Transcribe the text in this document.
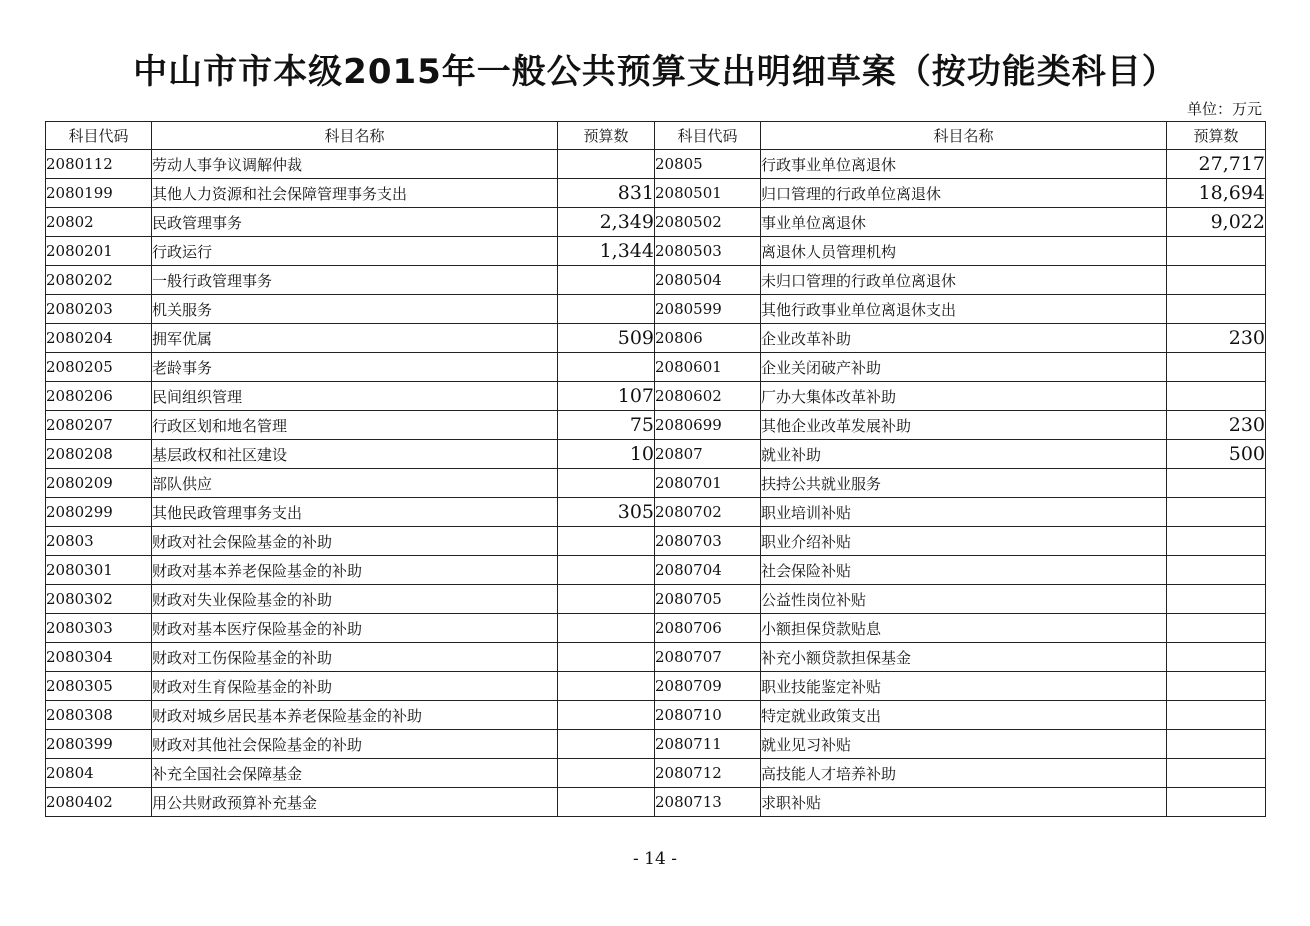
中山市市本级2015年一般公共预算支出明细草案（按功能类科目）
单位：万元
科目代码	科目名称	预算数	科目代码	科目名称	预算数
2080112	劳动人事争议调解仲裁		20805	行政事业单位离退休	27,717
2080199	其他人力资源和社会保障管理事务支出	831	2080501	归口管理的行政单位离退休	18,694
20802	民政管理事务	2,349	2080502	事业单位离退休	9,022
2080201	行政运行	1,344	2080503	离退休人员管理机构	
2080202	一般行政管理事务		2080504	未归口管理的行政单位离退休	
2080203	机关服务		2080599	其他行政事业单位离退休支出	
2080204	拥军优属	509	20806	企业改革补助	230
2080205	老龄事务		2080601	企业关闭破产补助	
2080206	民间组织管理	107	2080602	厂办大集体改革补助	
2080207	行政区划和地名管理	75	2080699	其他企业改革发展补助	230
2080208	基层政权和社区建设	10	20807	就业补助	500
2080209	部队供应		2080701	扶持公共就业服务	
2080299	其他民政管理事务支出	305	2080702	职业培训补贴	
20803	财政对社会保险基金的补助		2080703	职业介绍补贴	
2080301	财政对基本养老保险基金的补助		2080704	社会保险补贴	
2080302	财政对失业保险基金的补助		2080705	公益性岗位补贴	
2080303	财政对基本医疗保险基金的补助		2080706	小额担保贷款贴息	
2080304	财政对工伤保险基金的补助		2080707	补充小额贷款担保基金	
2080305	财政对生育保险基金的补助		2080709	职业技能鉴定补贴	
2080308	财政对城乡居民基本养老保险基金的补助		2080710	特定就业政策支出	
2080399	财政对其他社会保险基金的补助		2080711	就业见习补贴	
20804	补充全国社会保障基金		2080712	高技能人才培养补助	
2080402	用公共财政预算补充基金		2080713	求职补贴	
- 14 -
